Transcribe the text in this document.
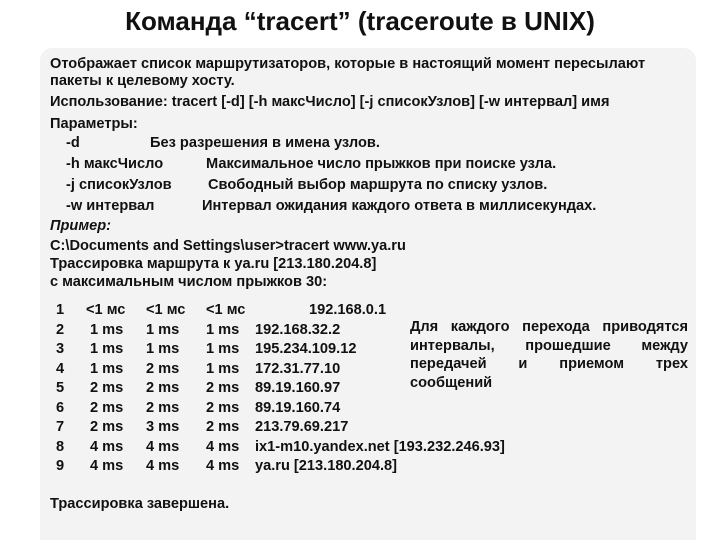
Команда “tracert” (traceroute в UNIX)
Отображает список маршрутизаторов, которые в настоящий момент пересылают пакеты к целевому хосту.
Использование: tracert [-d] [-h максЧисло] [-j списокУзлов] [-w интервал] имя
Параметры:
-d	Без разрешения в имена узлов.
-h максЧисло	Максимальное число прыжков при поиске узла.
-j списокУзлов Свободный выбор маршрута по списку узлов.
-w интервал	Интервал ожидания каждого ответа в миллисекундах.
Пример:
C:\Documents and Settings\user>tracert www.ya.ru
Трассировка маршрута к ya.ru [213.180.204.8]
с максимальным числом прыжков 30:
1 <1 мс <1 мс <1 мс	192.168.0.1
2 1 ms 1 ms 1 ms 192.168.32.2
3 1 ms 1 ms 1 ms 195.234.109.12
4 1 ms 2 ms 1 ms 172.31.77.10
5 2 ms 2 ms 2 ms 89.19.160.97
6 2 ms 2 ms 2 ms 89.19.160.74
7 2 ms 3 ms 2 ms 213.79.69.217
8 4 ms 4 ms 4 ms ix1-m10.yandex.net [193.232.246.93]
9 4 ms 4 ms 4 ms ya.ru [213.180.204.8]
Для каждого перехода приводятся интервалы, прошедшие между передачей и приемом трех сообщений
Трассировка завершена.
